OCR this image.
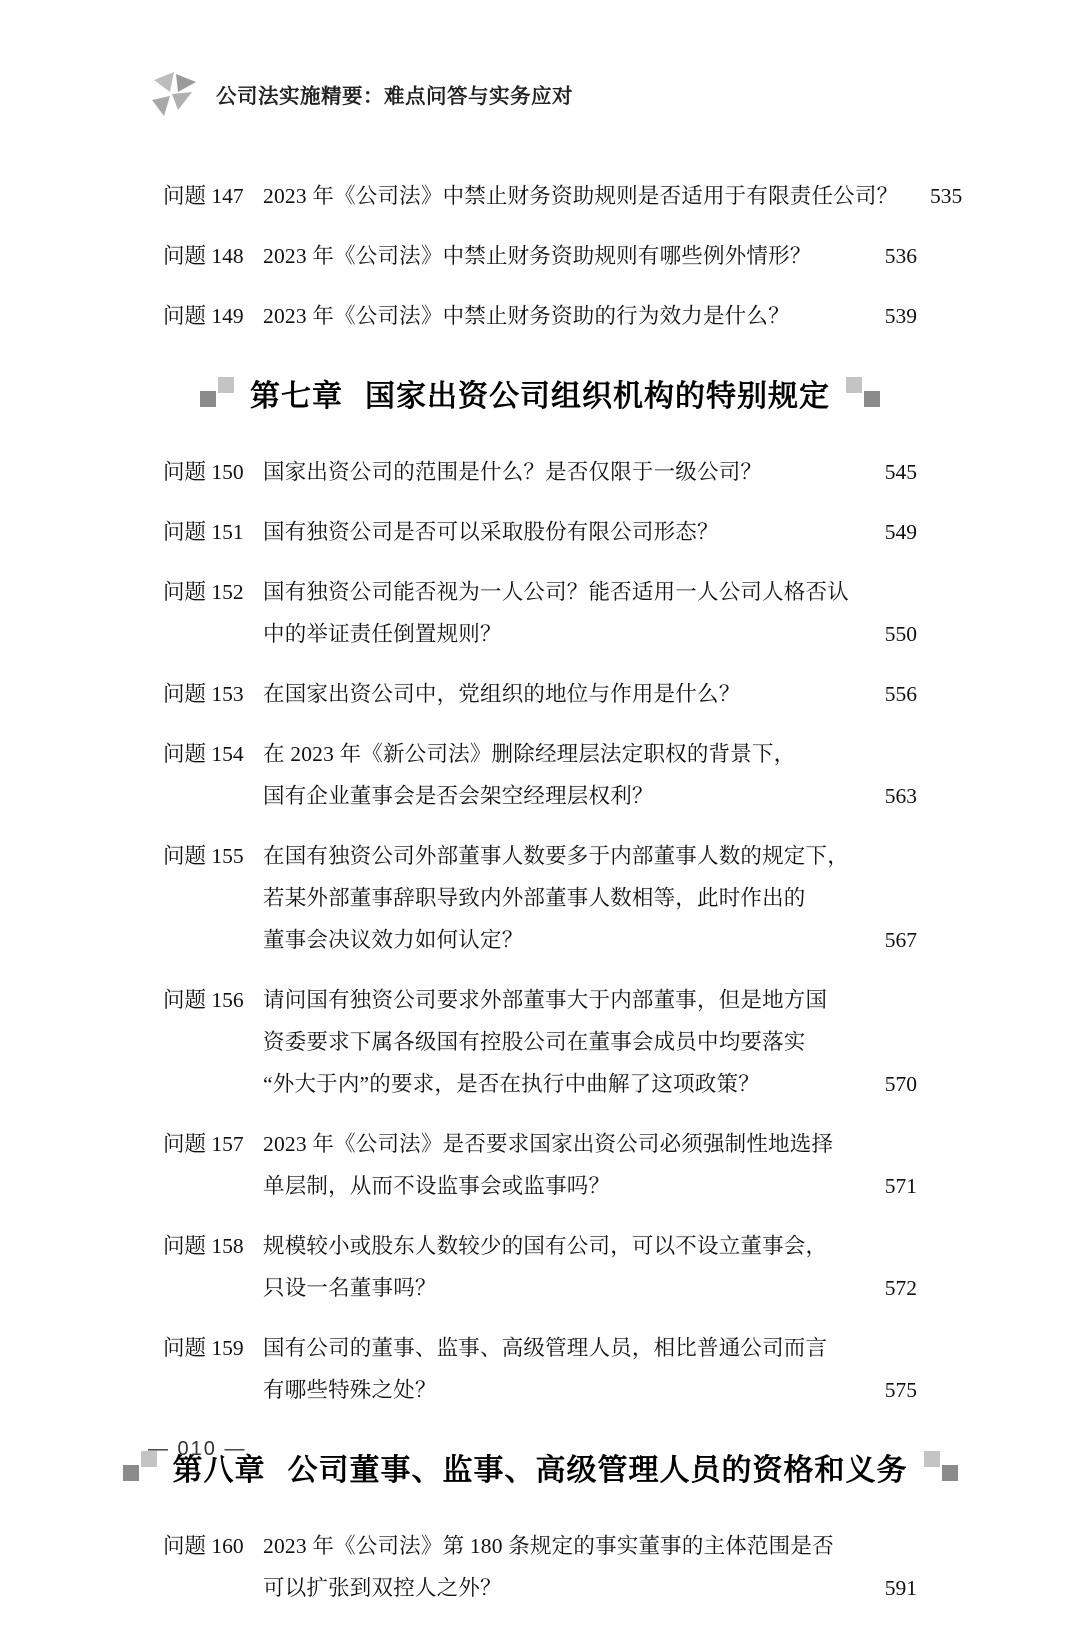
公司法实施精要：难点问答与实务应对
问题 147 2023 年《公司法》中禁止财务资助规则是否适用于有限责任公司？	535
问题 148 2023 年《公司法》中禁止财务资助规则有哪些例外情形？	536
问题 149 2023 年《公司法》中禁止财务资助的行为效力是什么？	539
第七章 国家出资公司组织机构的特别规定
问题 150 国家出资公司的范围是什么？是否仅限于一级公司？	545
问题 151 国有独资公司是否可以采取股份有限公司形态？	549
问题 152 国有独资公司能否视为一人公司？能否适用一人公司人格否认
中的举证责任倒置规则？	550
问题 153 在国家出资公司中，党组织的地位与作用是什么？	556
问题 154 在 2023 年《新公司法》删除经理层法定职权的背景下，
国有企业董事会是否会架空经理层权利？	563
问题 155 在国有独资公司外部董事人数要多于内部董事人数的规定下，
若某外部董事辞职导致内外部董事人数相等，此时作出的
董事会决议效力如何认定？	567
问题 156 请问国有独资公司要求外部董事大于内部董事，但是地方国
资委要求下属各级国有控股公司在董事会成员中均要落实
“外大于内”的要求，是否在执行中曲解了这项政策？	570
问题 157 2023 年《公司法》是否要求国家出资公司必须强制性地选择
单层制，从而不设监事会或监事吗？	571
问题 158 规模较小或股东人数较少的国有公司，可以不设立董事会，
只设一名董事吗？	572
问题 159 国有公司的董事、监事、高级管理人员，相比普通公司而言
有哪些特殊之处？	575
第八章 公司董事、监事、高级管理人员的资格和义务
问题 160 2023 年《公司法》第 180 条规定的事实董事的主体范围是否
可以扩张到双控人之外？	591
— 010 —
